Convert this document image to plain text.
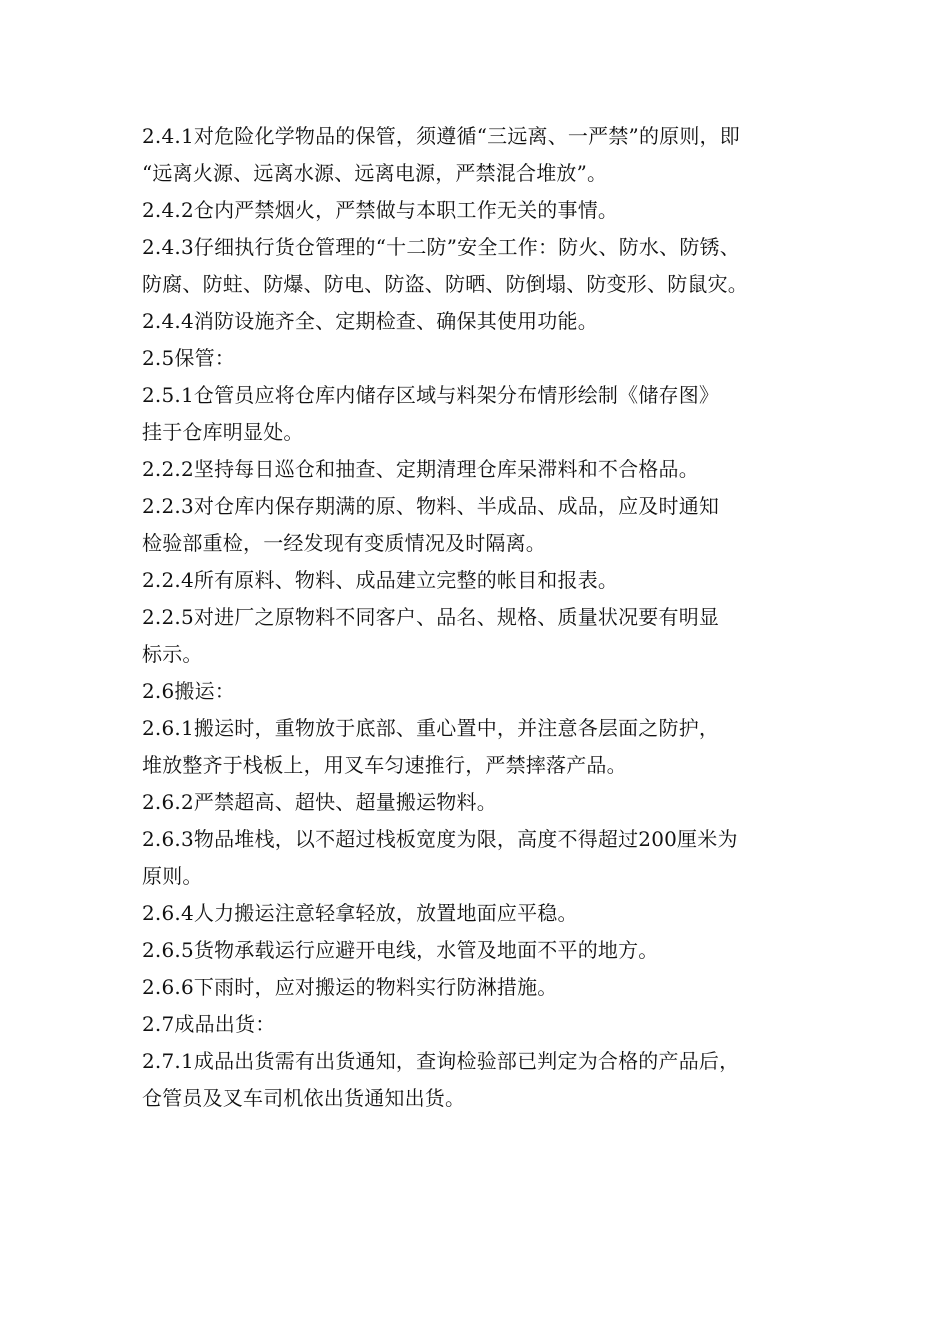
2.4.1对危险化学物品的保管，须遵循“三远离、一严禁”的原则，即
“远离火源、远离水源、远离电源，严禁混合堆放”。
2.4.2仓内严禁烟火，严禁做与本职工作无关的事情。
2.4.3仔细执行货仓管理的“十二防”安全工作：防火、防水、防锈、
防腐、防蛀、防爆、防电、防盗、防晒、防倒塌、防变形、防鼠灾。
2.4.4消防设施齐全、定期检查、确保其使用功能。
2.5保管：
2.5.1仓管员应将仓库内储存区域与料架分布情形绘制《储存图》
挂于仓库明显处。
2.2.2坚持每日巡仓和抽查、定期清理仓库呆滞料和不合格品。
2.2.3对仓库内保存期满的原、物料、半成品、成品，应及时通知
检验部重检，一经发现有变质情况及时隔离。
2.2.4所有原料、物料、成品建立完整的帐目和报表。
2.2.5对进厂之原物料不同客户、品名、规格、质量状况要有明显
标示。
2.6搬运：
2.6.1搬运时，重物放于底部、重心置中，并注意各层面之防护，
堆放整齐于栈板上，用叉车匀速推行，严禁摔落产品。
2.6.2严禁超高、超快、超量搬运物料。
2.6.3物品堆栈，以不超过栈板宽度为限，高度不得超过200厘米为
原则。
2.6.4人力搬运注意轻拿轻放，放置地面应平稳。
2.6.5货物承载运行应避开电线，水管及地面不平的地方。
2.6.6下雨时，应对搬运的物料实行防淋措施。
2.7成品出货：
2.7.1成品出货需有出货通知，查询检验部已判定为合格的产品后，
仓管员及叉车司机依出货通知出货。
